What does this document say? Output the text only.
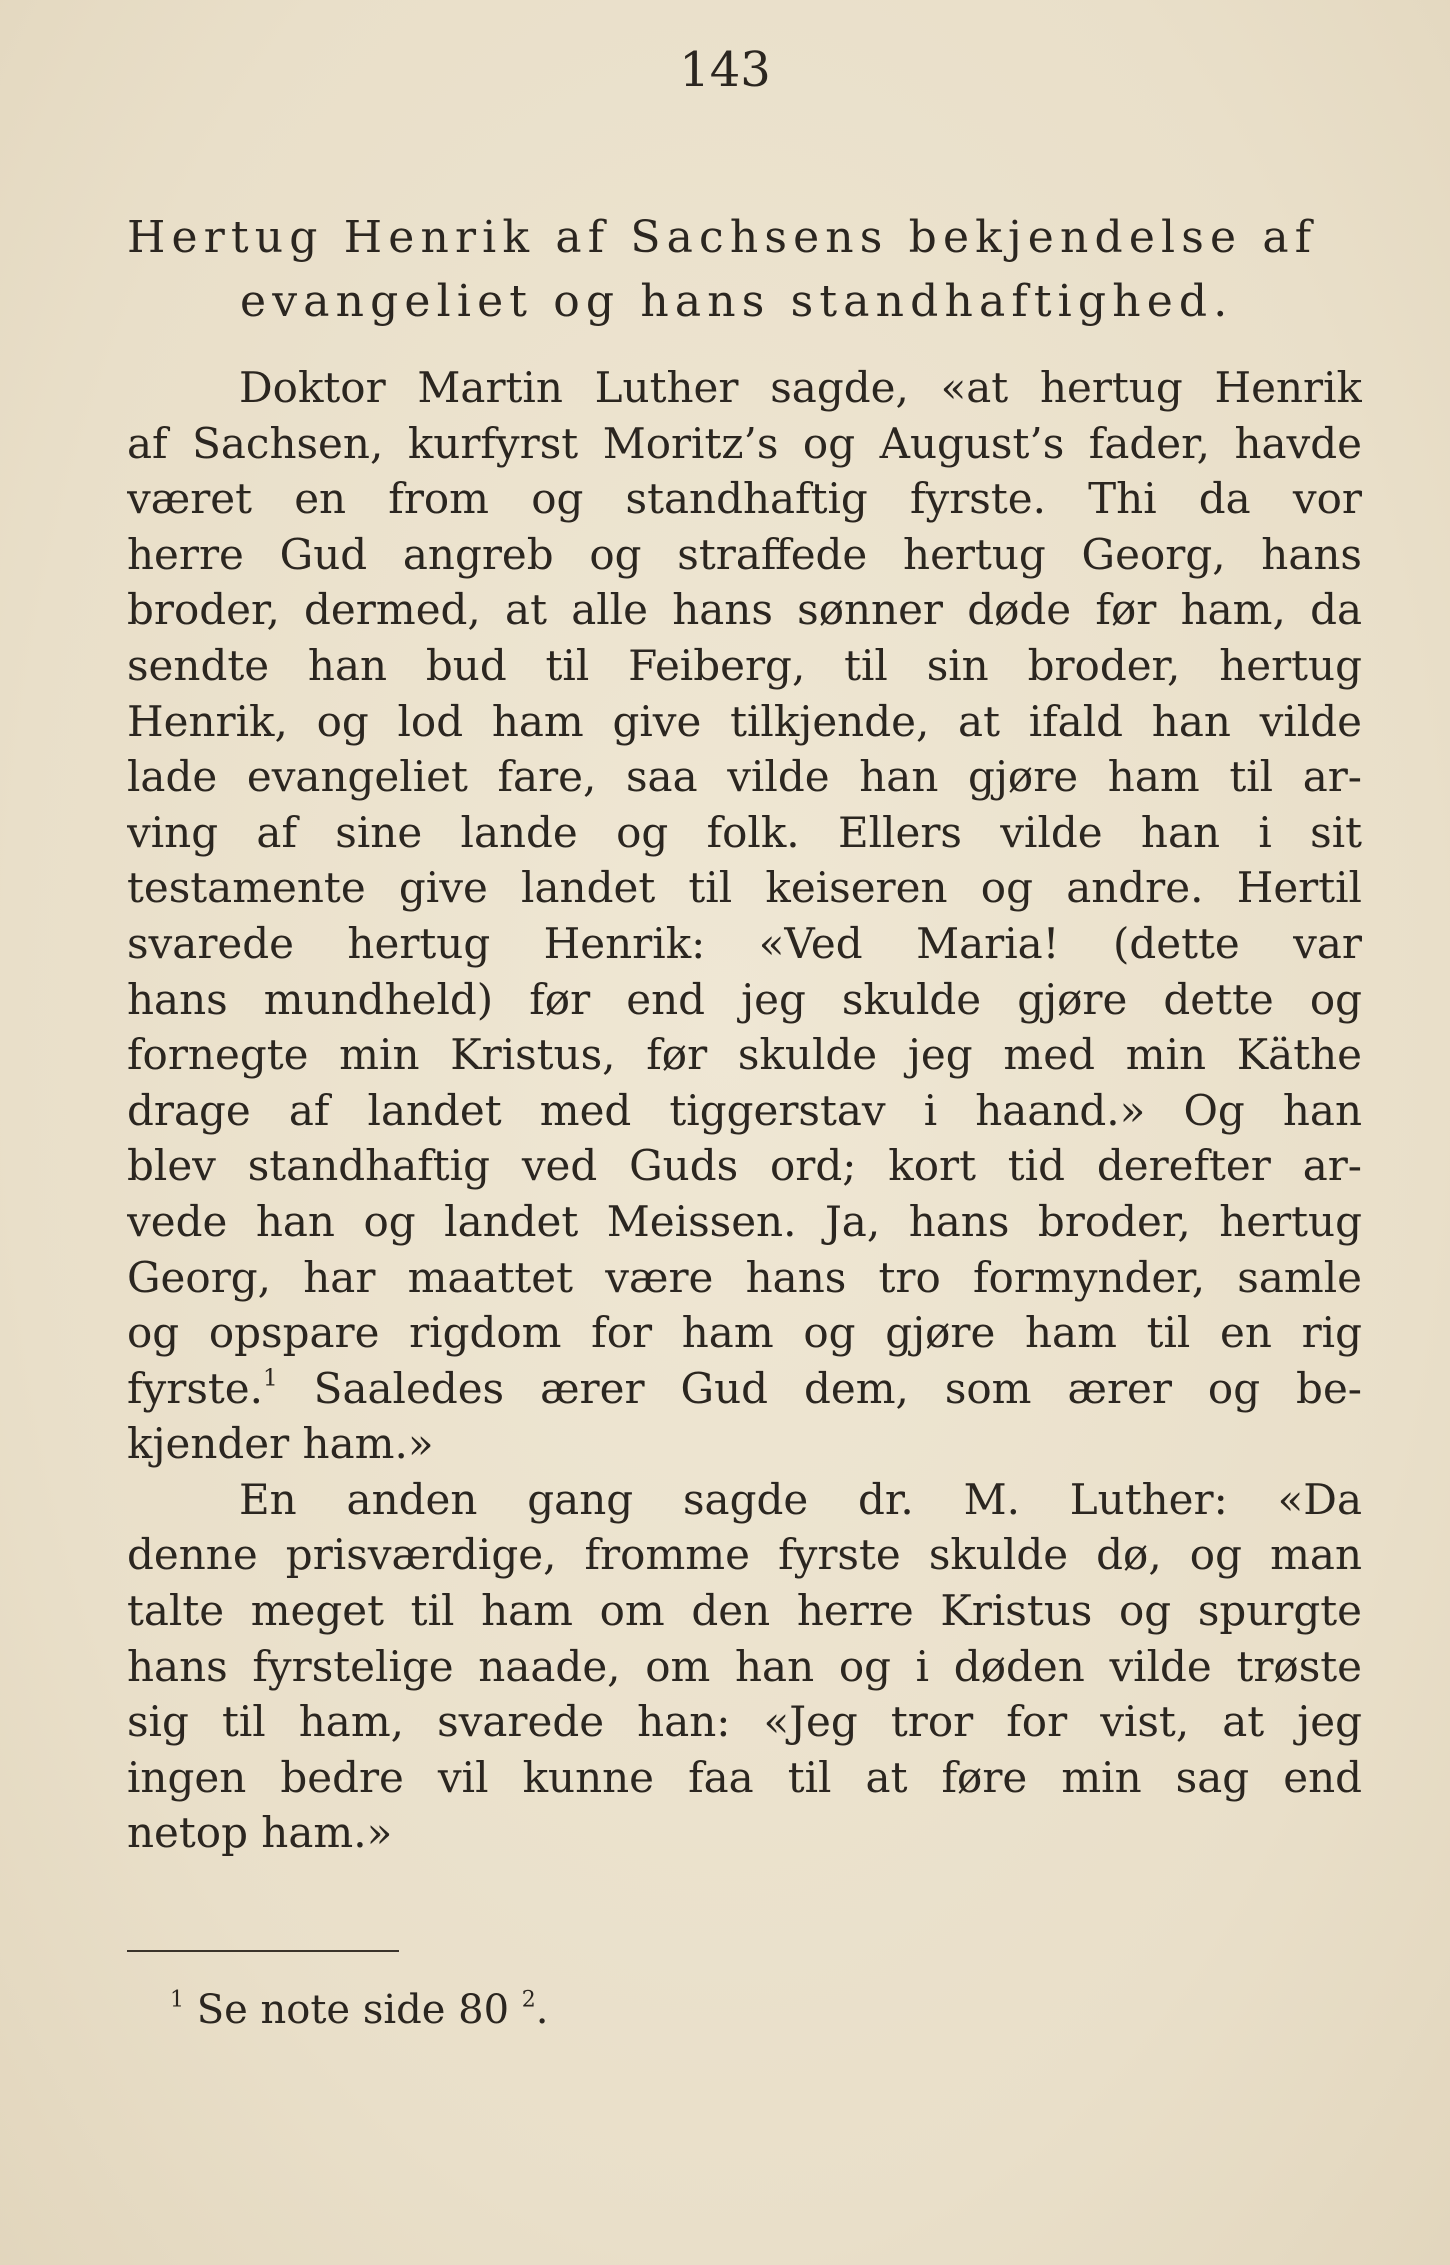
143
Hertug Henrik af Sachsens bekjendelse af
evangeliet og hans standhaftighed.
Doktor Martin Luther sagde, «at hertug Henrik
af Sachsen, kurfyrst Moritz’s og August’s fader, havde
været en from og standhaftig fyrste. Thi da vor
herre Gud angreb og straffede hertug Georg, hans
broder, dermed, at alle hans sønner døde før ham, da
sendte han bud til Feiberg, til sin broder, hertug
Henrik, og lod ham give tilkjende, at ifald han vilde
lade evangeliet fare, saa vilde han gjøre ham til ar-
ving af sine lande og folk. Ellers vilde han i sit
testamente give landet til keiseren og andre. Hertil
svarede hertug Henrik: «Ved Maria! (dette var
hans mundheld) før end jeg skulde gjøre dette og
fornegte min Kristus, før skulde jeg med min Käthe
drage af landet med tiggerstav i haand.» Og han
blev standhaftig ved Guds ord; kort tid derefter ar-
vede han og landet Meissen. Ja, hans broder, hertug
Georg, har maattet være hans tro formynder, samle
og opspare rigdom for ham og gjøre ham til en rig
fyrste.$^1$ Saaledes ærer Gud dem, som ærer og be-
kjender ham.»
En anden gang sagde dr. M. Luther: «Da
denne prisværdige, fromme fyrste skulde dø, og man
talte meget til ham om den herre Kristus og spurgte
hans fyrstelige naade, om han og i døden vilde trøste
sig til ham, svarede han: «Jeg tror for vist, at jeg
ingen bedre vil kunne faa til at føre min sag end
netop ham.»
$^1$ Se note side 80 $^2$.
